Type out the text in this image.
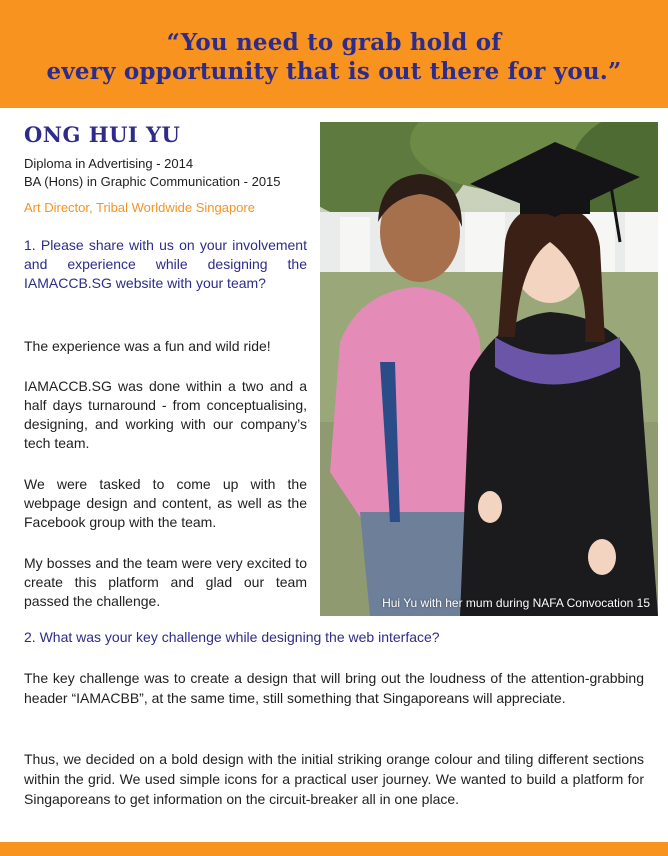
“You need to grab hold of
every opportunity that is out there for you.”
ONG HUI YU
Diploma in Advertising - 2014
BA (Hons) in Graphic Communication - 2015
Art Director, Tribal Worldwide Singapore
1. Please share with us on your involvement and experience while designing the IAMACCB.SG website with your team?
The experience was a fun and wild ride!
IAMACCB.SG was done within a two and a half days turnaround - from conceptualising, designing, and working with our company’s tech team.
We were tasked to come up with the webpage design and content, as well as the Facebook group with the team.
My bosses and the team were very excited to create this platform and glad our team passed the challenge.	Hui Yu with her mum during NAFA Convocation 15
2. What was your key challenge while designing the web interface?
The key challenge was to create a design that will bring out the loudness of the attention-grabbing header “IAMACBB”, at the same time, still something that Singaporeans will appreciate.
Thus, we decided on a bold design with the initial striking orange colour and tiling different sections within the grid. We used simple icons for a practical user journey. We wanted to build a platform for Singaporeans to get information on the circuit-breaker all in one place.
